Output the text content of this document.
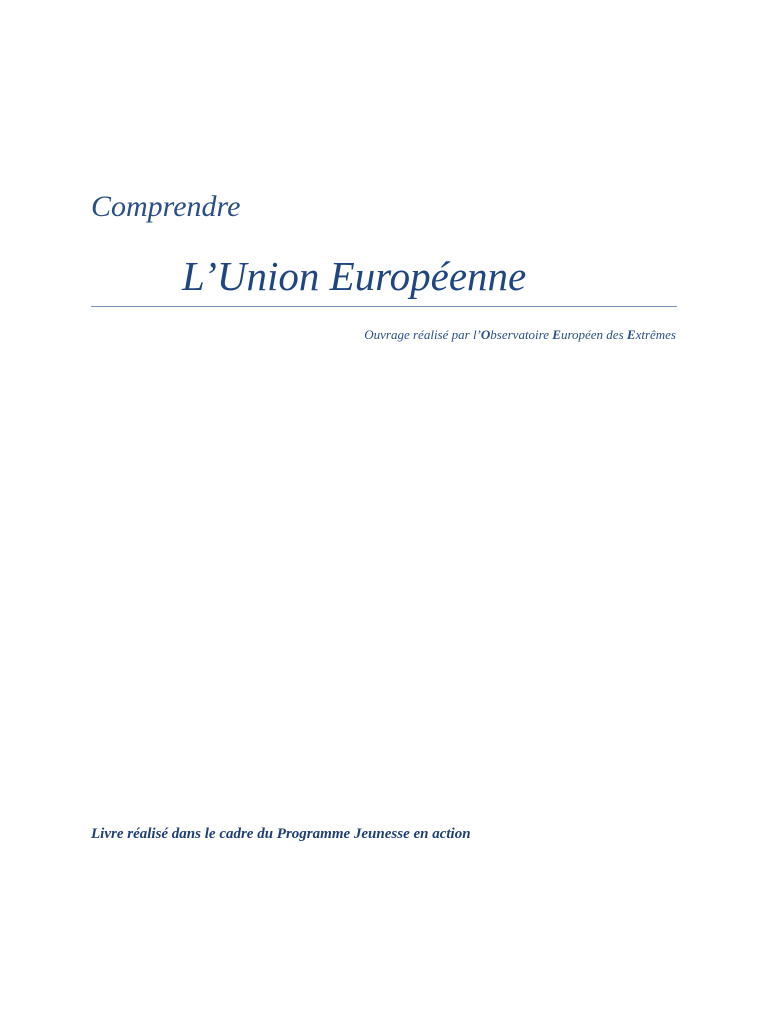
Comprendre
L’Union Européenne
Ouvrage réalisé par l’Observatoire Européen des Extrêmes
Livre réalisé dans le cadre du Programme Jeunesse en action
